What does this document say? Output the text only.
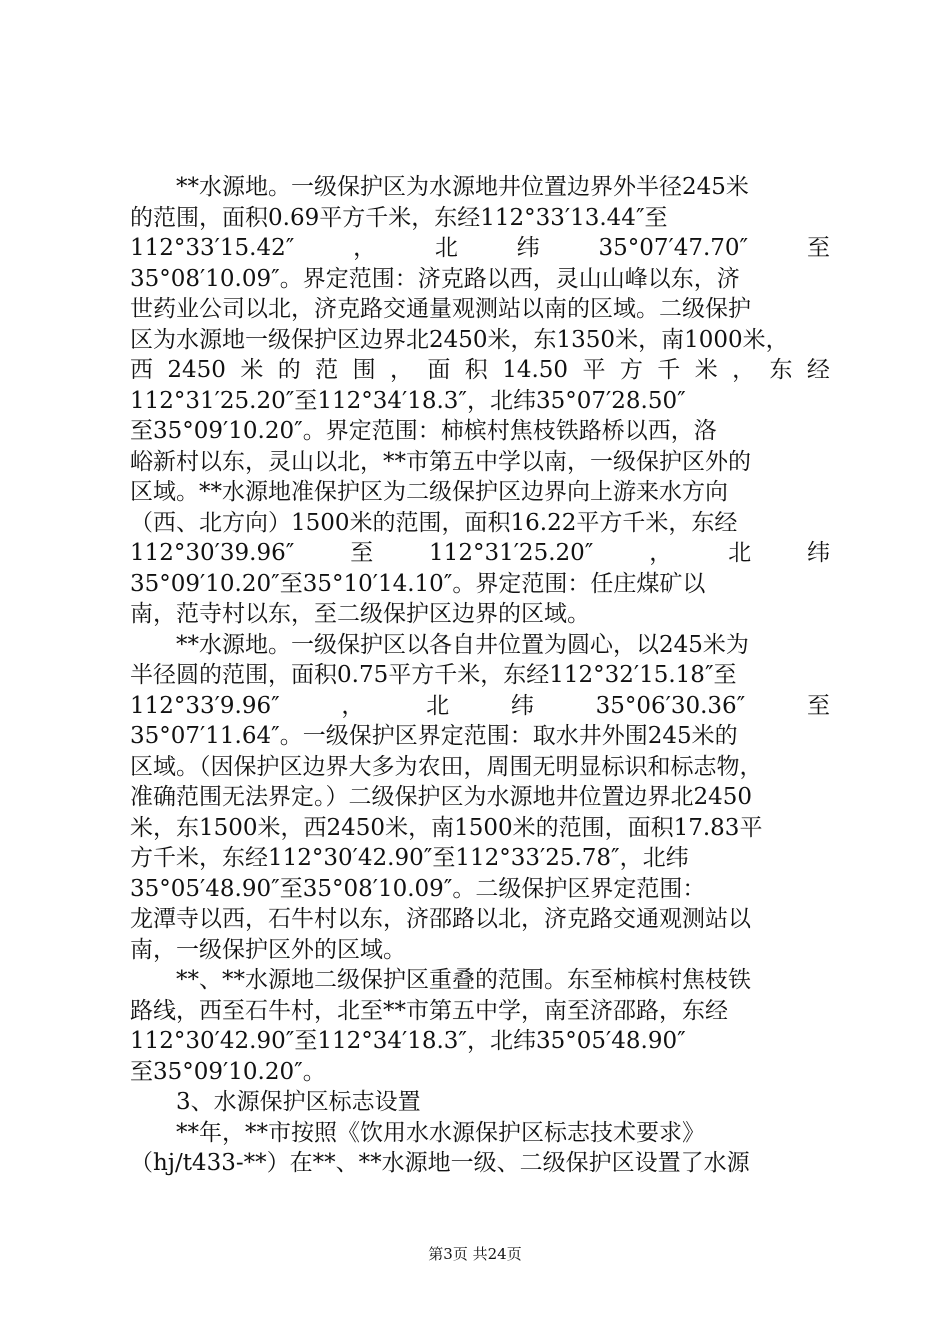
**水源地。一级保护区为水源地井位置边界外半径245米
的范围，面积0.69平方千米，东经112°33′13.44″至
112°33′15.42″	，	北	纬	35°07′47.70″	至
35°08′10.09″。界定范围：济克路以西，灵山山峰以东，济
世药业公司以北，济克路交通量观测站以南的区域。二级保护
区为水源地一级保护区边界北2450米，东1350米，南1000米，
西 2450 米 的 范 围 ， 面 积 14.50 平 方 千 米 ， 东 经
112°31′25.20″至112°34′18.3″，北纬35°07′28.50″
至35°09′10.20″。界定范围：柿槟村焦枝铁路桥以西，洛
峪新村以东，灵山以北，**市第五中学以南，一级保护区外的
区域。**水源地准保护区为二级保护区边界向上游来水方向
（西、北方向）1500米的范围，面积16.22平方千米，东经
112°30′39.96″ 至 112°31′25.20″ ， 北 纬
35°09′10.20″至35°10′14.10″。界定范围：任庄煤矿以
南，范寺村以东，至二级保护区边界的区域。
**水源地。一级保护区以各自井位置为圆心，以245米为
半径圆的范围，面积0.75平方千米，东经112°32′15.18″至
112°33′9.96″	，	北	纬	35°06′30.36″	至
35°07′11.64″。一级保护区界定范围：取水井外围245米的
区域。（因保护区边界大多为农田，周围无明显标识和标志物，
准确范围无法界定。）二级保护区为水源地井位置边界北2450
米，东1500米，西2450米，南1500米的范围，面积17.83平
方千米，东经112°30′42.90″至112°33′25.78″，北纬
35°05′48.90″至35°08′10.09″。二级保护区界定范围：
龙潭寺以西，石牛村以东，济邵路以北，济克路交通观测站以
南，一级保护区外的区域。
**、**水源地二级保护区重叠的范围。东至柿槟村焦枝铁
路线，西至石牛村，北至**市第五中学，南至济邵路，东经
112°30′42.90″至112°34′18.3″，北纬35°05′48.90″
至35°09′10.20″。
3、水源保护区标志设置
**年，**市按照《饮用水水源保护区标志技术要求》
（hj/t433-**）在**、**水源地一级、二级保护区设置了水源
第3页 共24页
